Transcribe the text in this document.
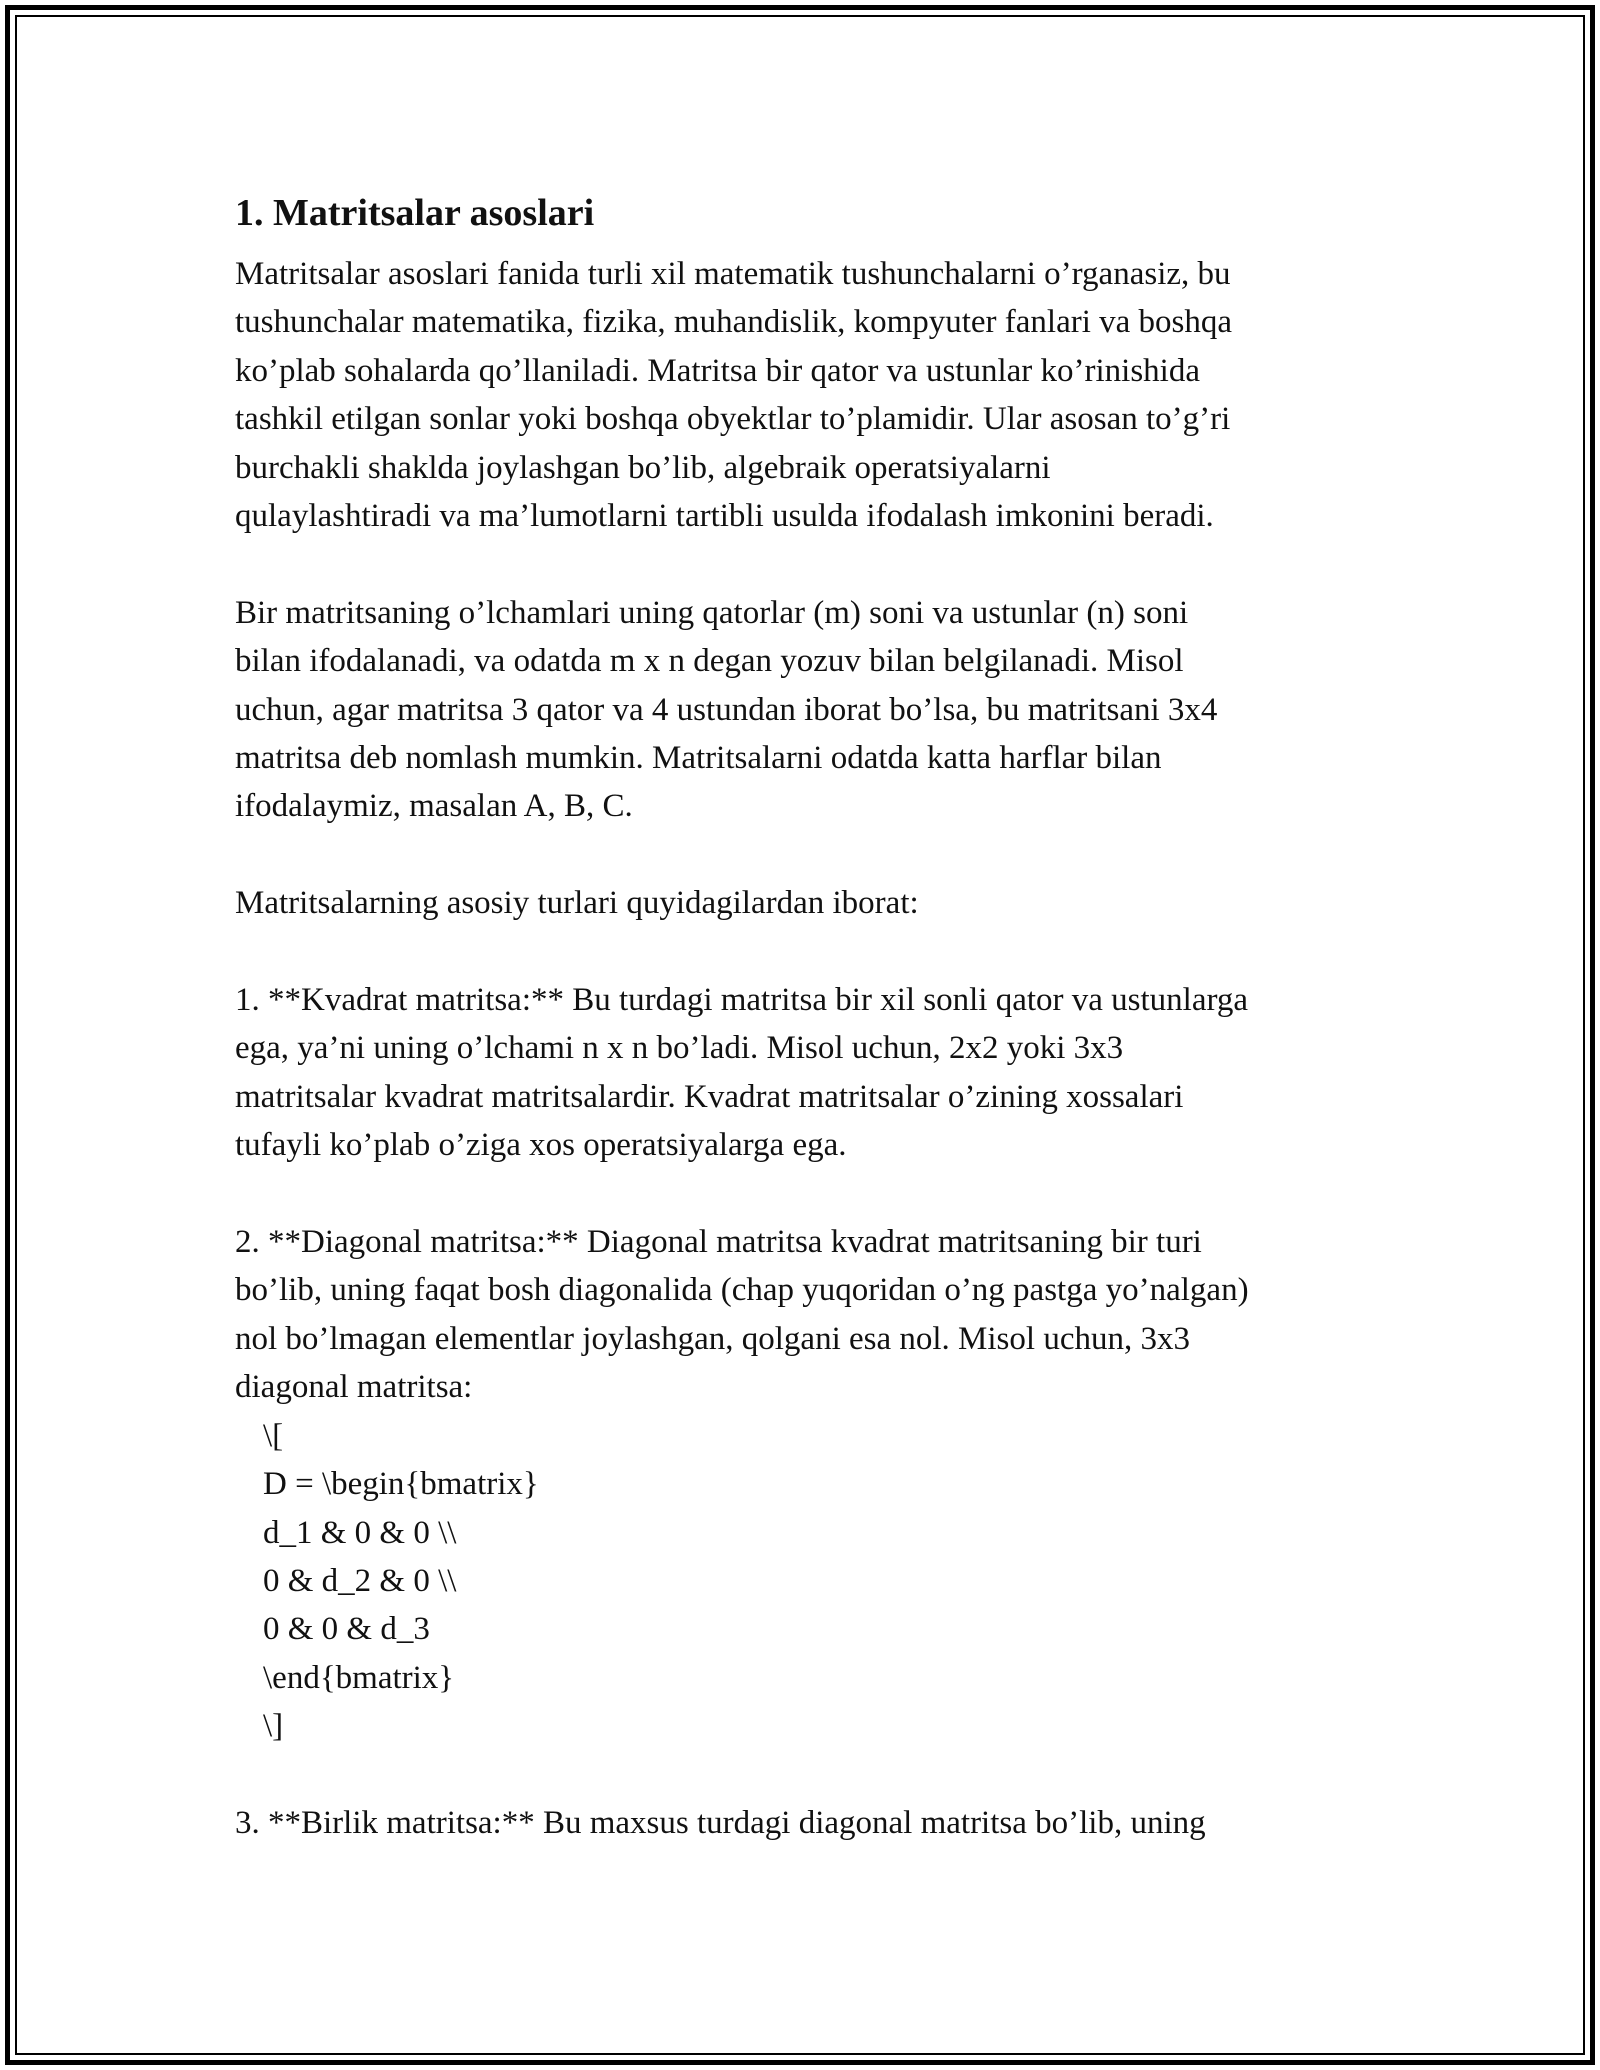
1. Matritsalar asoslari
Matritsalar asoslari fanida turli xil matematik tushunchalarni o’rganasiz, bu
tushunchalar matematika, fizika, muhandislik, kompyuter fanlari va boshqa
ko’plab sohalarda qo’llaniladi. Matritsa bir qator va ustunlar ko’rinishida
tashkil etilgan sonlar yoki boshqa obyektlar to’plamidir. Ular asosan to’g’ri
burchakli shakldа joylashgan bo’lib, algebraik operatsiyalarni
qulaylashtiradi va ma’lumotlarni tartibli usulda ifodalash imkonini beradi.
Bir matritsaning o’lchamlari uning qatorlar (m) soni va ustunlar (n) soni
bilan ifodalanadi, va odatda m x n degan yozuv bilan belgilanadi. Misol
uchun, agar matritsa 3 qator va 4 ustundan iborat bo’lsa, bu matritsani 3x4
matritsa deb nomlash mumkin. Matritsalarni odatda katta harflar bilan
ifodalaymiz, masalan A, B, C.
Matritsalarning asosiy turlari quyidagilardan iborat:
1. **Kvadrat matritsa:** Bu turdagi matritsa bir xil sonli qator va ustunlarga
ega, ya’ni uning o’lchami n x n bo’ladi. Misol uchun, 2x2 yoki 3x3
matritsalar kvadrat matritsalardir. Kvadrat matritsalar o’zining xossalari
tufayli ko’plab o’ziga xos operatsiyalarga ega.
2. **Diagonal matritsa:** Diagonal matritsa kvadrat matritsaning bir turi
bo’lib, uning faqat bosh diagonalida (chap yuqoridan o’ng pastga yo’nalgan)
nol bo’lmagan elementlar joylashgan, qolgani esa nol. Misol uchun, 3x3
diagonal matritsa:
\[
D = \begin{bmatrix}
d_1 & 0 & 0 \\
0 & d_2 & 0 \\
0 & 0 & d_3
\end{bmatrix}
\]
3. **Birlik matritsa:** Bu maxsus turdagi diagonal matritsa bo’lib, uning
